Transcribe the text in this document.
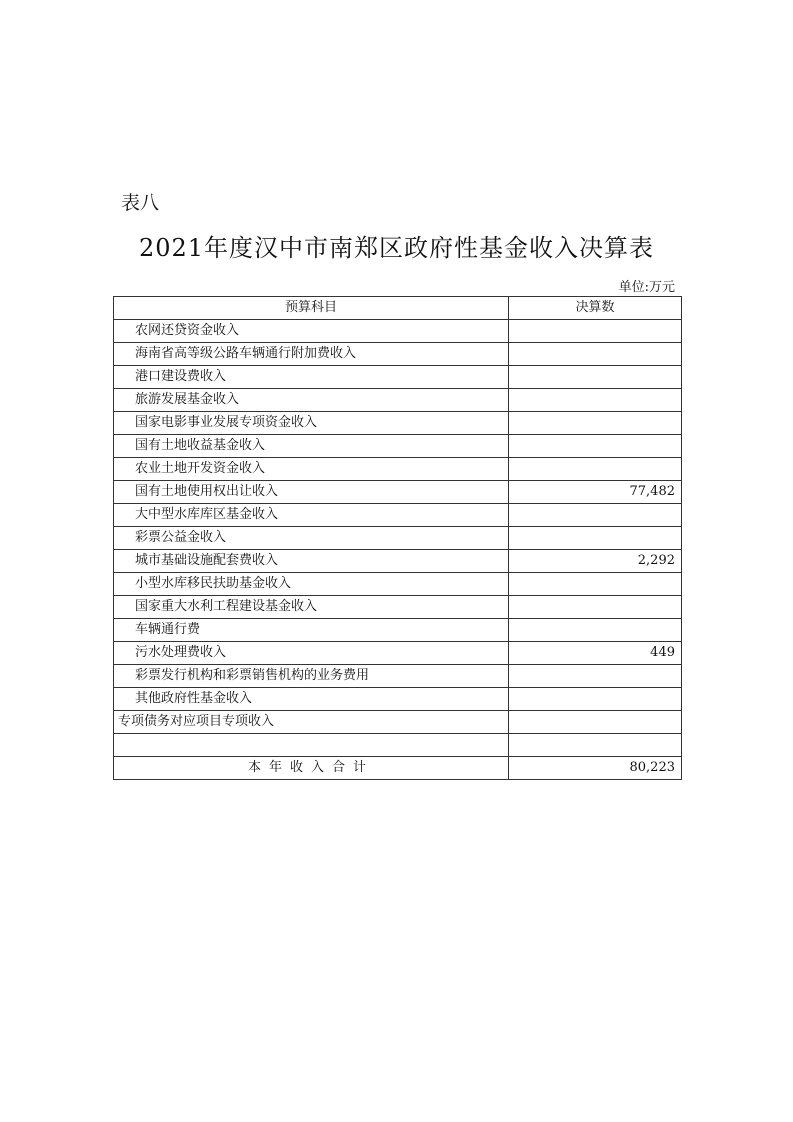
表八
2021年度汉中市南郑区政府性基金收入决算表
单位:万元
预算科目	决算数
农网还贷资金收入	
海南省高等级公路车辆通行附加费收入	
港口建设费收入	
旅游发展基金收入	
国家电影事业发展专项资金收入	
国有土地收益基金收入	
农业土地开发资金收入	
国有土地使用权出让收入	77,482
大中型水库库区基金收入	
彩票公益金收入	
城市基础设施配套费收入	2,292
小型水库移民扶助基金收入	
国家重大水利工程建设基金收入	
车辆通行费	
污水处理费收入	449
彩票发行机构和彩票销售机构的业务费用	
其他政府性基金收入	
专项债务对应项目专项收入	

本年收入合计	80,223
